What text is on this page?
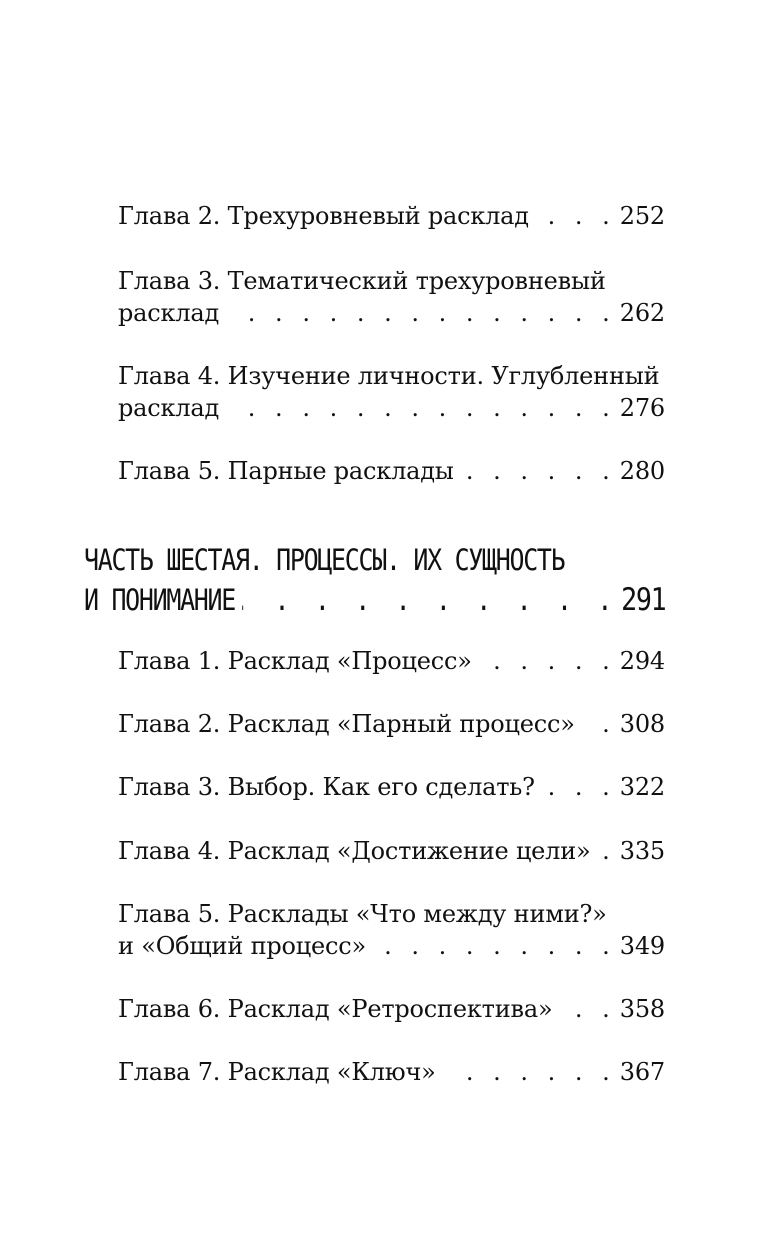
Глава 2. Трехуровневый расклад . . .	252
Глава 3. Тематический трехуровневый
расклад . . .	262
Глава 4. Изучение личности. Углубленный
расклад . . .	276
Глава 5. Парные расклады . . .	280
ЧАСТЬ ШЕСТАЯ. ПРОЦЕССЫ. ИХ СУЩНОСТЬ
И ПОНИМАНИЕ . . .	291
Глава 1. Расклад «Процесс» . . .	294
Глава 2. Расклад «Парный процесс» . . . 308
Глава 3. Выбор. Как его сделать? . . .	322
Глава 4. Расклад «Достижение цели» . . . 335
Глава 5. Расклады «Что между ними?»
и «Общий процесс» . . .	349
Глава 6. Расклад «Ретроспектива» . . .	358
Глава 7. Расклад «Ключ» . . .	367
